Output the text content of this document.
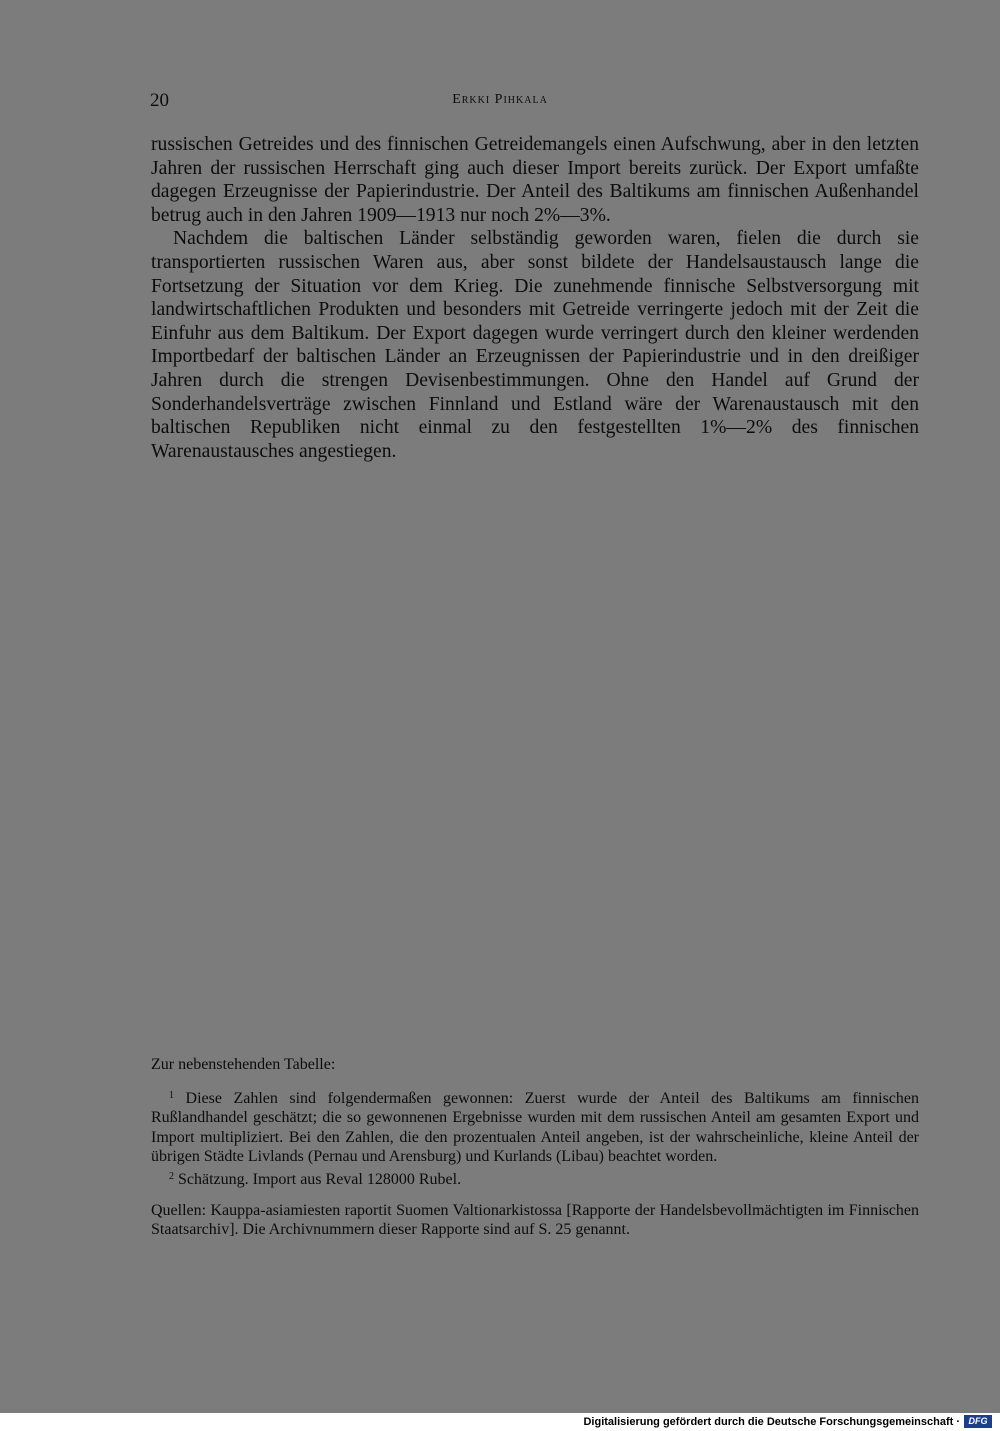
20	Erkki Pihkala

russischen Getreides und des finnischen Getreidemangels einen Aufschwung, aber in den letzten Jahren der russischen Herrschaft ging auch dieser Import bereits zurück. Der Export umfaßte dagegen Erzeugnisse der Papierindustrie. Der Anteil des Baltikums am finnischen Außenhandel betrug auch in den Jahren 1909—1913 nur noch 2%—3%.

Nachdem die baltischen Länder selbständig geworden waren, fielen die durch sie transportierten russischen Waren aus, aber sonst bildete der Handelsaustausch lange die Fortsetzung der Situation vor dem Krieg. Die zunehmende finnische Selbstversorgung mit landwirtschaftlichen Produkten und besonders mit Getreide verringerte jedoch mit der Zeit die Einfuhr aus dem Baltikum. Der Export dagegen wurde verringert durch den kleiner werdenden Importbedarf der baltischen Länder an Erzeugnissen der Papierindustrie und in den dreißiger Jahren durch die strengen Devisenbestimmungen. Ohne den Handel auf Grund der Sonderhandelsverträge zwischen Finnland und Estland wäre der Warenaustausch mit den baltischen Republiken nicht einmal zu den festgestellten 1%—2% des finnischen Warenaustausches angestiegen.

Zur nebenstehenden Tabelle:

$^1$ Diese Zahlen sind folgendermaßen gewonnen: Zuerst wurde der Anteil des Baltikums am finnischen Rußlandhandel geschätzt; die so gewonnenen Ergebnisse wurden mit dem russischen Anteil am gesamten Export und Import multipliziert. Bei den Zahlen, die den prozentualen Anteil angeben, ist der wahrscheinliche, kleine Anteil der übrigen Städte Livlands (Pernau und Arensburg) und Kurlands (Libau) beachtet worden.

$^2$ Schätzung. Import aus Reval 128000 Rubel.

Quellen: Kauppa-asiamiesten raportit Suomen Valtionarkistossa [Rapporte der Handelsbevollmächtigten im Finnischen Staatsarchiv]. Die Archivnummern dieser Rapporte sind auf S. 25 genannt.

Digitalisierung gefördert durch die Deutsche Forschungsgemeinschaft · DFG
